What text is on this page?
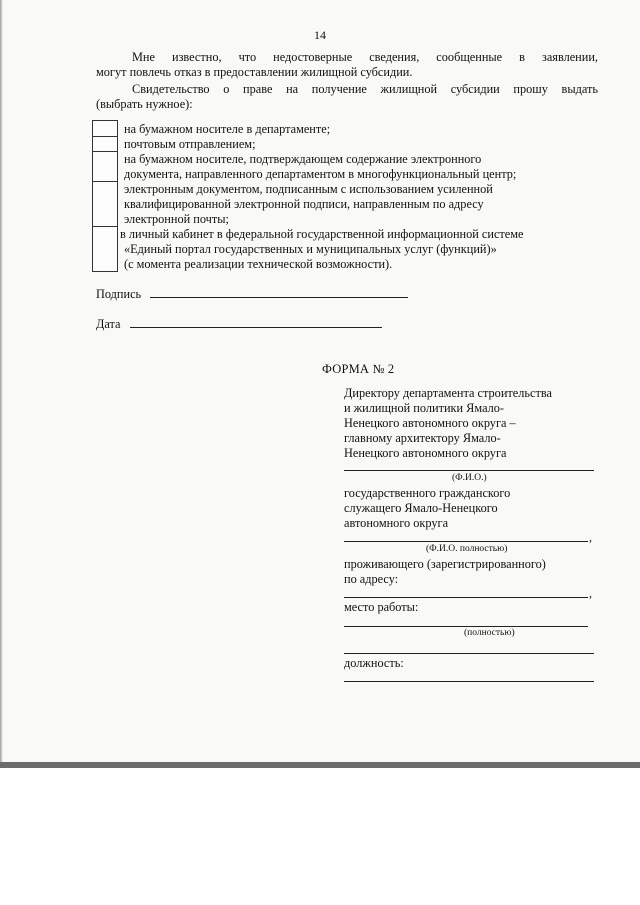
14
Мне известно, что недостоверные сведения, сообщенные в заявлении,
могут повлечь отказ в предоставлении жилищной субсидии.
Свидетельство о праве на получение жилищной субсидии прошу выдать
(выбрать нужное):
на бумажном носителе в департаменте;
почтовым отправлением;
на бумажном носителе, подтверждающем содержание электронного
документа, направленного департаментом в многофункциональный центр;
электронным документом, подписанным с использованием усиленной
квалифицированной электронной подписи, направленным по адресу
электронной почты;
в личный кабинет в федеральной государственной информационной системе
«Единый портал государственных и муниципальных услуг (функций)»
(с момента реализации технической возможности).
Подпись
Дата
ФОРМА № 2
Директору департамента строительства
и жилищной политики Ямало-
Ненецкого автономного округа –
главному архитектору Ямало-
Ненецкого автономного округа
(Ф.И.О.)
государственного гражданского
служащего Ямало-Ненецкого
автономного округа
,
(Ф.И.О. полностью)
проживающего (зарегистрированного)
по адресу:
,
место работы:
(полностью)
должность:
